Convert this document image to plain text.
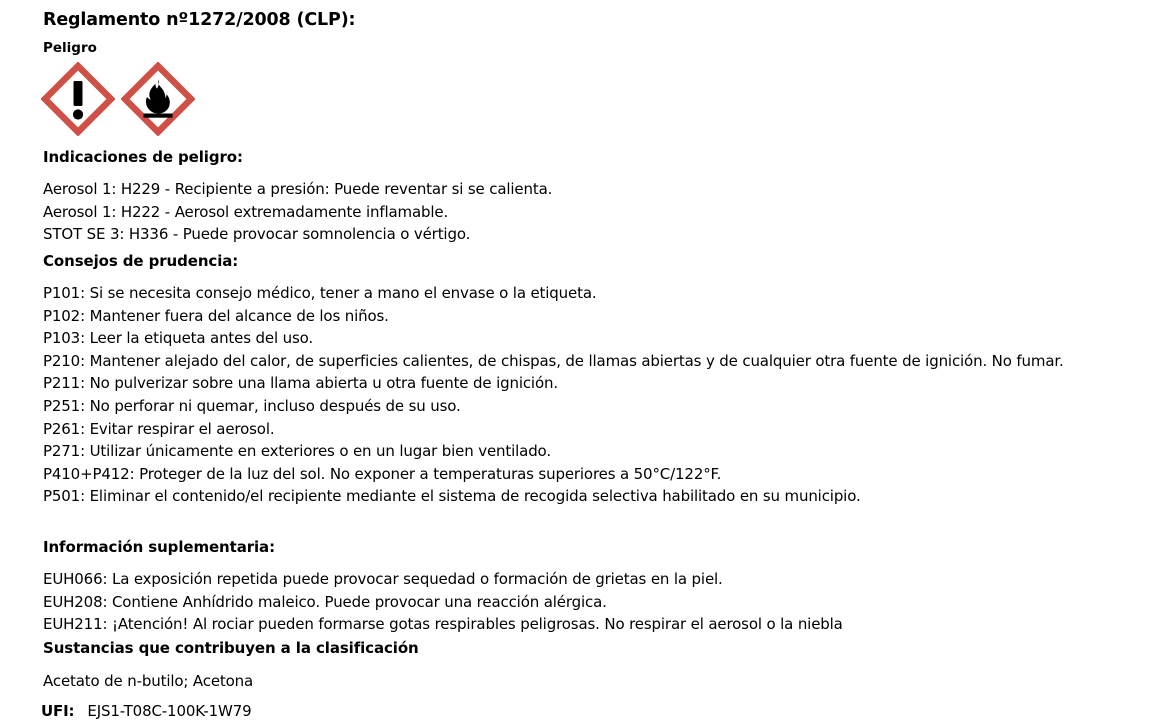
Reglamento nº1272/2008 (CLP):
Peligro
Indicaciones de peligro:
Aerosol 1: H229 - Recipiente a presión: Puede reventar si se calienta.
Aerosol 1: H222 - Aerosol extremadamente inflamable.
STOT SE 3: H336 - Puede provocar somnolencia o vértigo.
Consejos de prudencia:
P101: Si se necesita consejo médico, tener a mano el envase o la etiqueta.
P102: Mantener fuera del alcance de los niños.
P103: Leer la etiqueta antes del uso.
P210: Mantener alejado del calor, de superficies calientes, de chispas, de llamas abiertas y de cualquier otra fuente de ignición. No fumar.
P211: No pulverizar sobre una llama abierta u otra fuente de ignición.
P251: No perforar ni quemar, incluso después de su uso.
P261: Evitar respirar el aerosol.
P271: Utilizar únicamente en exteriores o en un lugar bien ventilado.
P410+P412: Proteger de la luz del sol. No exponer a temperaturas superiores a 50°C/122°F.
P501: Eliminar el contenido/el recipiente mediante el sistema de recogida selectiva habilitado en su municipio.
Información suplementaria:
EUH066: La exposición repetida puede provocar sequedad o formación de grietas en la piel.
EUH208: Contiene Anhídrido maleico. Puede provocar una reacción alérgica.
EUH211: ¡Atención! Al rociar pueden formarse gotas respirables peligrosas. No respirar el aerosol o la niebla
Sustancias que contribuyen a la clasificación
Acetato de n-butilo; Acetona
UFI: EJS1-T08C-100K-1W79
